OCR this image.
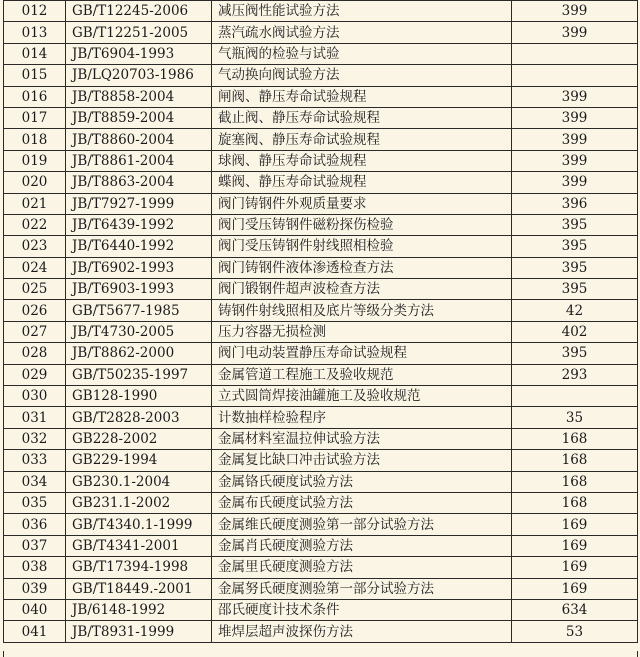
012	GB/T12245-2006	减压阀性能试验方法	399
013	GB/T12251-2005	蒸汽疏水阀试验方法	399
014	JB/T6904-1993	气瓶阀的检验与试验	
015	JB/LQ20703-1986	气动换向阀试验方法	
016	JB/T8858-2004	闸阀、静压寿命试验规程	399
017	JB/T8859-2004	截止阀、静压寿命试验规程	399
018	JB/T8860-2004	旋塞阀、静压寿命试验规程	399
019	JB/T8861-2004	球阀、静压寿命试验规程	399
020	JB/T8863-2004	蝶阀、静压寿命试验规程	399
021	JB/T7927-1999	阀门铸钢件外观质量要求	396
022	JB/T6439-1992	阀门受压铸钢件磁粉探伤检验	395
023	JB/T6440-1992	阀门受压铸钢件射线照相检验	395
024	JB/T6902-1993	阀门铸钢件液体渗透检查方法	395
025	JB/T6903-1993	阀门锻钢件超声波检查方法	395
026	GB/T5677-1985	铸钢件射线照相及底片等级分类方法	42
027	JB/T4730-2005	压力容器无损检测	402
028	JB/T8862-2000	阀门电动装置静压寿命试验规程	395
029	GB/T50235-1997	金属管道工程施工及验收规范	293
030	GB128-1990	立式圆筒焊接油罐施工及验收规范	
031	GB/T2828-2003	计数抽样检验程序	35
032	GB228-2002	金属材料室温拉伸试验方法	168
033	GB229-1994	金属复比缺口冲击试验方法	168
034	GB230.1-2004	金属铬氏硬度试验方法	168
035	GB231.1-2002	金属布氏硬度试验方法	168
036	GB/T4340.1-1999	金属维氏硬度测验第一部分试验方法	169
037	GB/T4341-2001	金属肖氏硬度测验方法	169
038	GB/T17394-1998	金属里氏硬度测验方法	169
039	GB/T18449.-2001	金属努氏硬度测验第一部分试验方法	169
040	JB/6148-1992	邵氏硬度计技术条件	634
041	JB/T8931-1999	堆焊层超声波探伤方法	53
